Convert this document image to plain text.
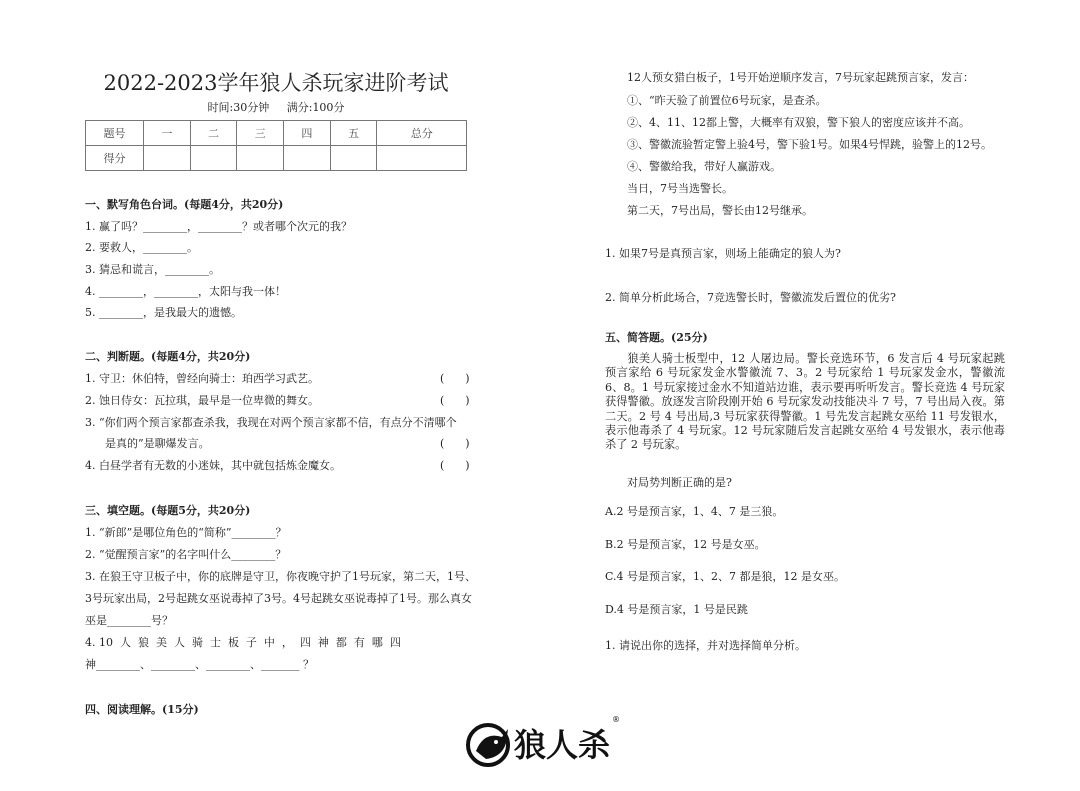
2022-2023学年狼人杀玩家进阶考试
时间:30分钟     满分:100分
题号	一	二	三	四	五	总分
得分						
一、默写角色台词。(每题4分，共20分)
1. 赢了吗？________，________？或者哪个次元的我？
2. 要救人，________。
3. 猜忌和谎言，________。
4. ________，________，太阳与我一体！
5. ________，是我最大的遗憾。
二、判断题。(每题4分，共20分)
1. 守卫：休伯特，曾经向骑士：珀西学习武艺。
2. 蚀日侍女：瓦拉琪，最早是一位卑微的舞女。
3. “你们两个预言家都查杀我，我现在对两个预言家都不信，有点分不清哪个
是真的”是聊爆发言。
4. 白昼学者有无数的小迷妹，其中就包括炼金魔女。
(      )
(      )
(      )
(      )
三、填空题。(每题5分，共20分)
1. “新郎”是哪位角色的“简称”________？
2. “觉醒预言家”的名字叫什么________？
3. 在狼王守卫板子中，你的底牌是守卫，你夜晚守护了1号玩家，第二天，1号、
3号玩家出局，2号起跳女巫说毒掉了3号。4号起跳女巫说毒掉了1号。那么真女
巫是________号？
4. 10  人  狼  美  人  骑  士  板  子  中  ，  四  神  都  有  哪  四
神________、________、________、_______ ？
四、阅读理解。(15分)
12人预女猎白板子，1号开始逆顺序发言，7号玩家起跳预言家，发言：
①、“昨天验了前置位6号玩家，是查杀。
②、4、11、12都上警，大概率有双狼，警下狼人的密度应该并不高。
③、警徽流验暂定警上验4号，警下验1号。如果4号悍跳，验警上的12号。
④、警徽给我，带好人赢游戏。
当日，7号当选警长。
第二天，7号出局，警长由12号继承。
1. 如果7号是真预言家，则场上能确定的狼人为?
2. 简单分析此场合，7竞选警长时，警徽流发后置位的优劣?
五、简答题。(25分)
狼美人骑士板型中，12 人屠边局。警长竞选环节，6 发言后 4 号玩家起跳预言家给 6 号玩家发金水警徽流 7、3。2 号玩家给 1 号玩家发金水，警徽流 6、8。1 号玩家接过金水不知道站边谁，表示要再听听发言。警长竞选 4 号玩家获得警徽。放逐发言阶段刚开始 6 号玩家发动技能决斗 7 号，7 号出局入夜。第二天。2 号 4 号出局,3 号玩家获得警徽。1 号先发言起跳女巫给 11 号发银水，表示他毒杀了 4 号玩家。12 号玩家随后发言起跳女巫给 4 号发银水，表示他毒杀了 2 号玩家。
对局势判断正确的是?
A.2 号是预言家，1、4、7 是三狼。
B.2 号是预言家，12 号是女巫。
C.4 号是预言家，1、2、7 都是狼，12 是女巫。
D.4 号是预言家，1 号是民跳
1. 请说出你的选择，并对选择简单分析。
狼人杀
®
